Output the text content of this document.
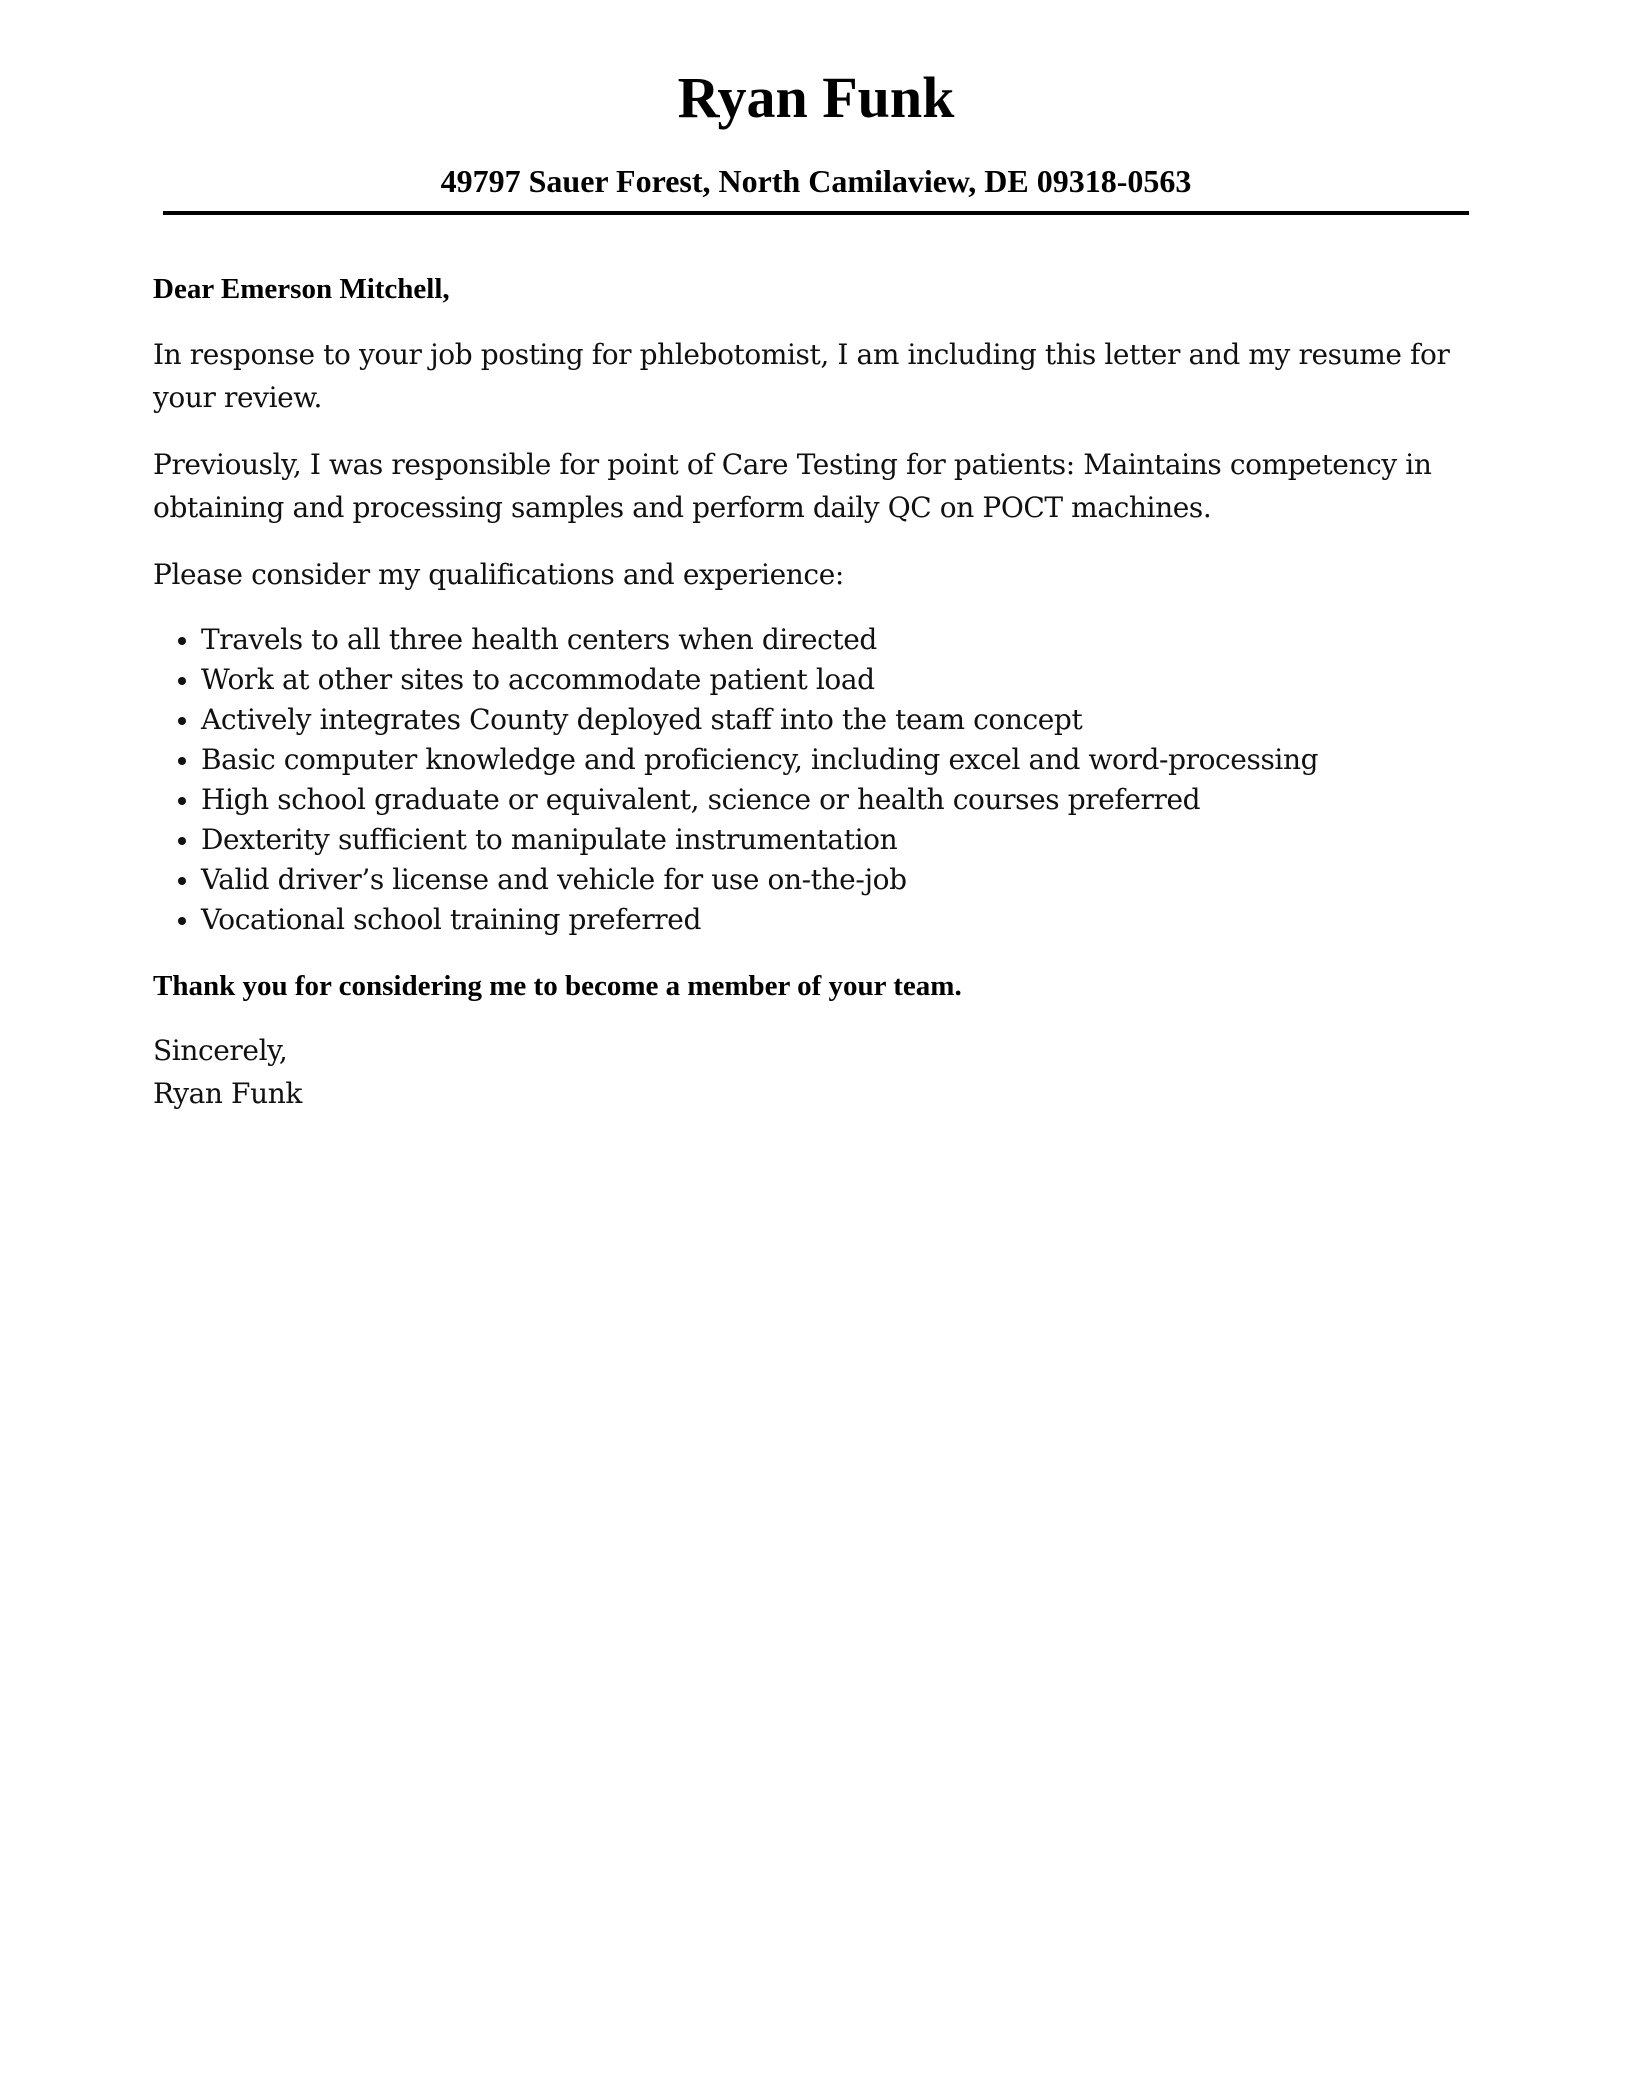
Ryan Funk
49797 Sauer Forest, North Camilaview, DE 09318-0563

Dear Emerson Mitchell,

In response to your job posting for phlebotomist, I am including this letter and my resume for your review.

Previously, I was responsible for point of Care Testing for patients: Maintains competency in obtaining and processing samples and perform daily QC on POCT machines.

Please consider my qualifications and experience:

Travels to all three health centers when directed
Work at other sites to accommodate patient load
Actively integrates County deployed staff into the team concept
Basic computer knowledge and proficiency, including excel and word-processing
High school graduate or equivalent, science or health courses preferred
Dexterity sufficient to manipulate instrumentation
Valid driver’s license and vehicle for use on-the-job
Vocational school training preferred

Thank you for considering me to become a member of your team.

Sincerely,

Ryan Funk
